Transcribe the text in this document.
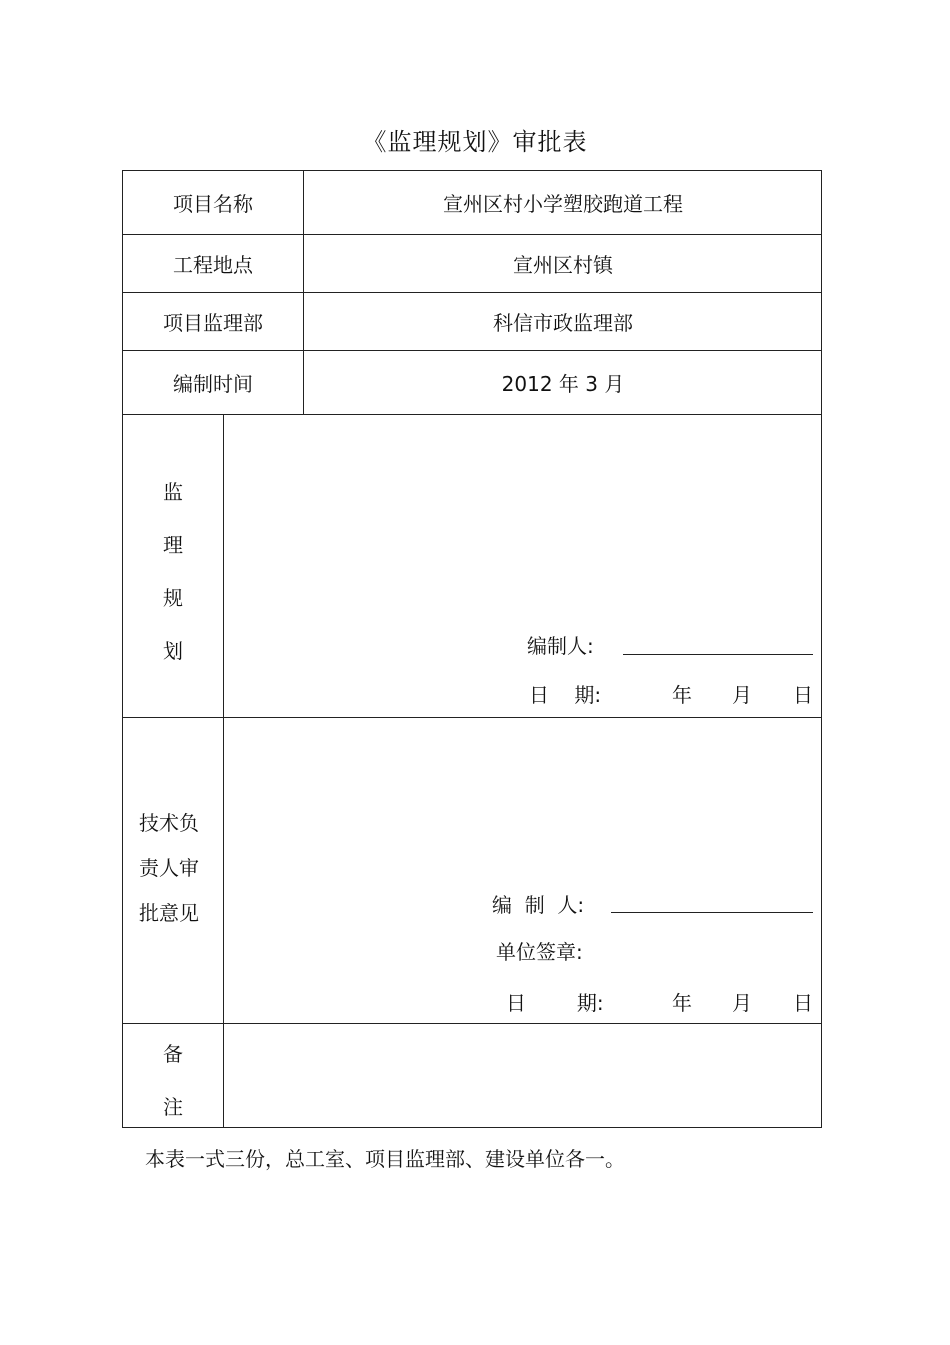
《监理规划》审批表
项目名称	宣州区村小学塑胶跑道工程
工程地点	宣州区村镇
项目监理部	科信市政监理部
编制时间	2012 年 3 月
监
理
规
划	编制人:
日    期:	年 月 日
技术负
责人审
批意见	编  制  人:
单位签章:
日        期:	年 月 日
备
注
本表一式三份，总工室、项目监理部、建设单位各一。
